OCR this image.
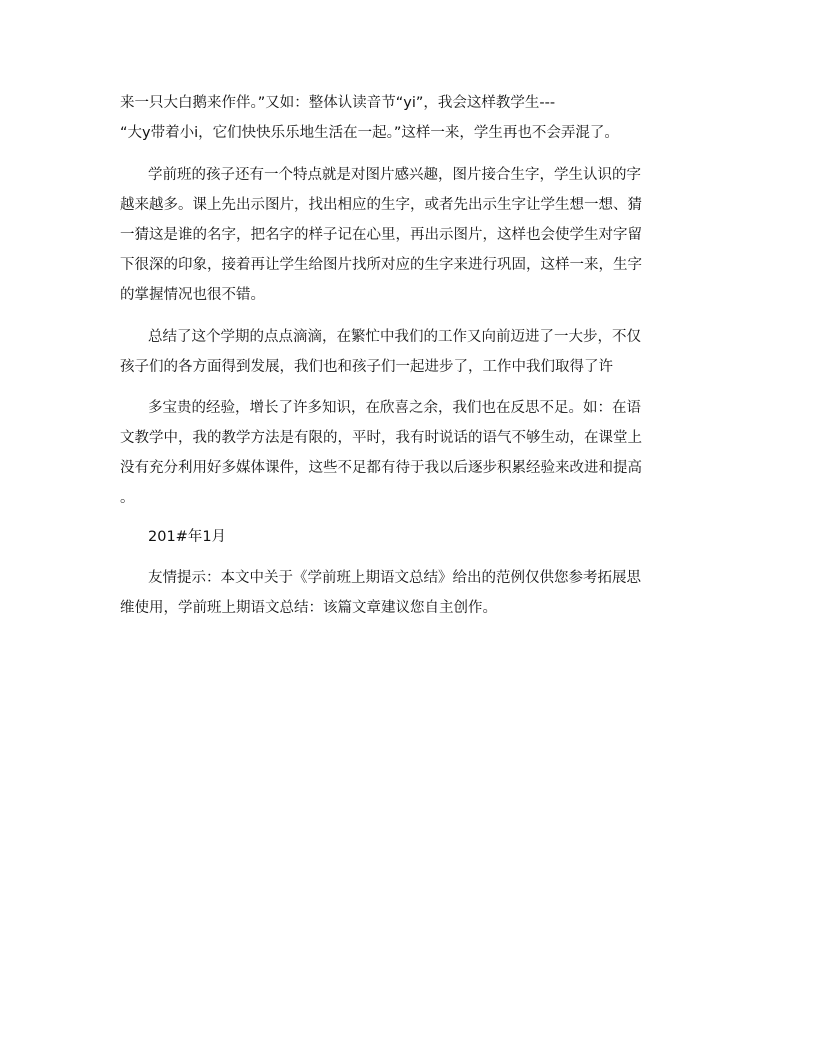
来一只大白鹅来作伴。”又如：整体认读音节“yi”，我会这样教学生---
“大y带着小i，它们快快乐乐地生活在一起。”这样一来，学生再也不会弄混了。
学前班的孩子还有一个特点就是对图片感兴趣，图片接合生字，学生认识的字
越来越多。课上先出示图片，找出相应的生字，或者先出示生字让学生想一想、猜
一猜这是谁的名字，把名字的样子记在心里，再出示图片，这样也会使学生对字留
下很深的印象，接着再让学生给图片找所对应的生字来进行巩固，这样一来，生字
的掌握情况也很不错。
总结了这个学期的点点滴滴，在繁忙中我们的工作又向前迈进了一大步，不仅
孩子们的各方面得到发展，我们也和孩子们一起进步了，工作中我们取得了许
多宝贵的经验，增长了许多知识，在欣喜之余，我们也在反思不足。如：在语
文教学中，我的教学方法是有限的，平时，我有时说话的语气不够生动，在课堂上
没有充分利用好多媒体课件，这些不足都有待于我以后逐步积累经验来改进和提高
。
201#年1月
友情提示：本文中关于《学前班上期语文总结》给出的范例仅供您参考拓展思
维使用，学前班上期语文总结：该篇文章建议您自主创作。
